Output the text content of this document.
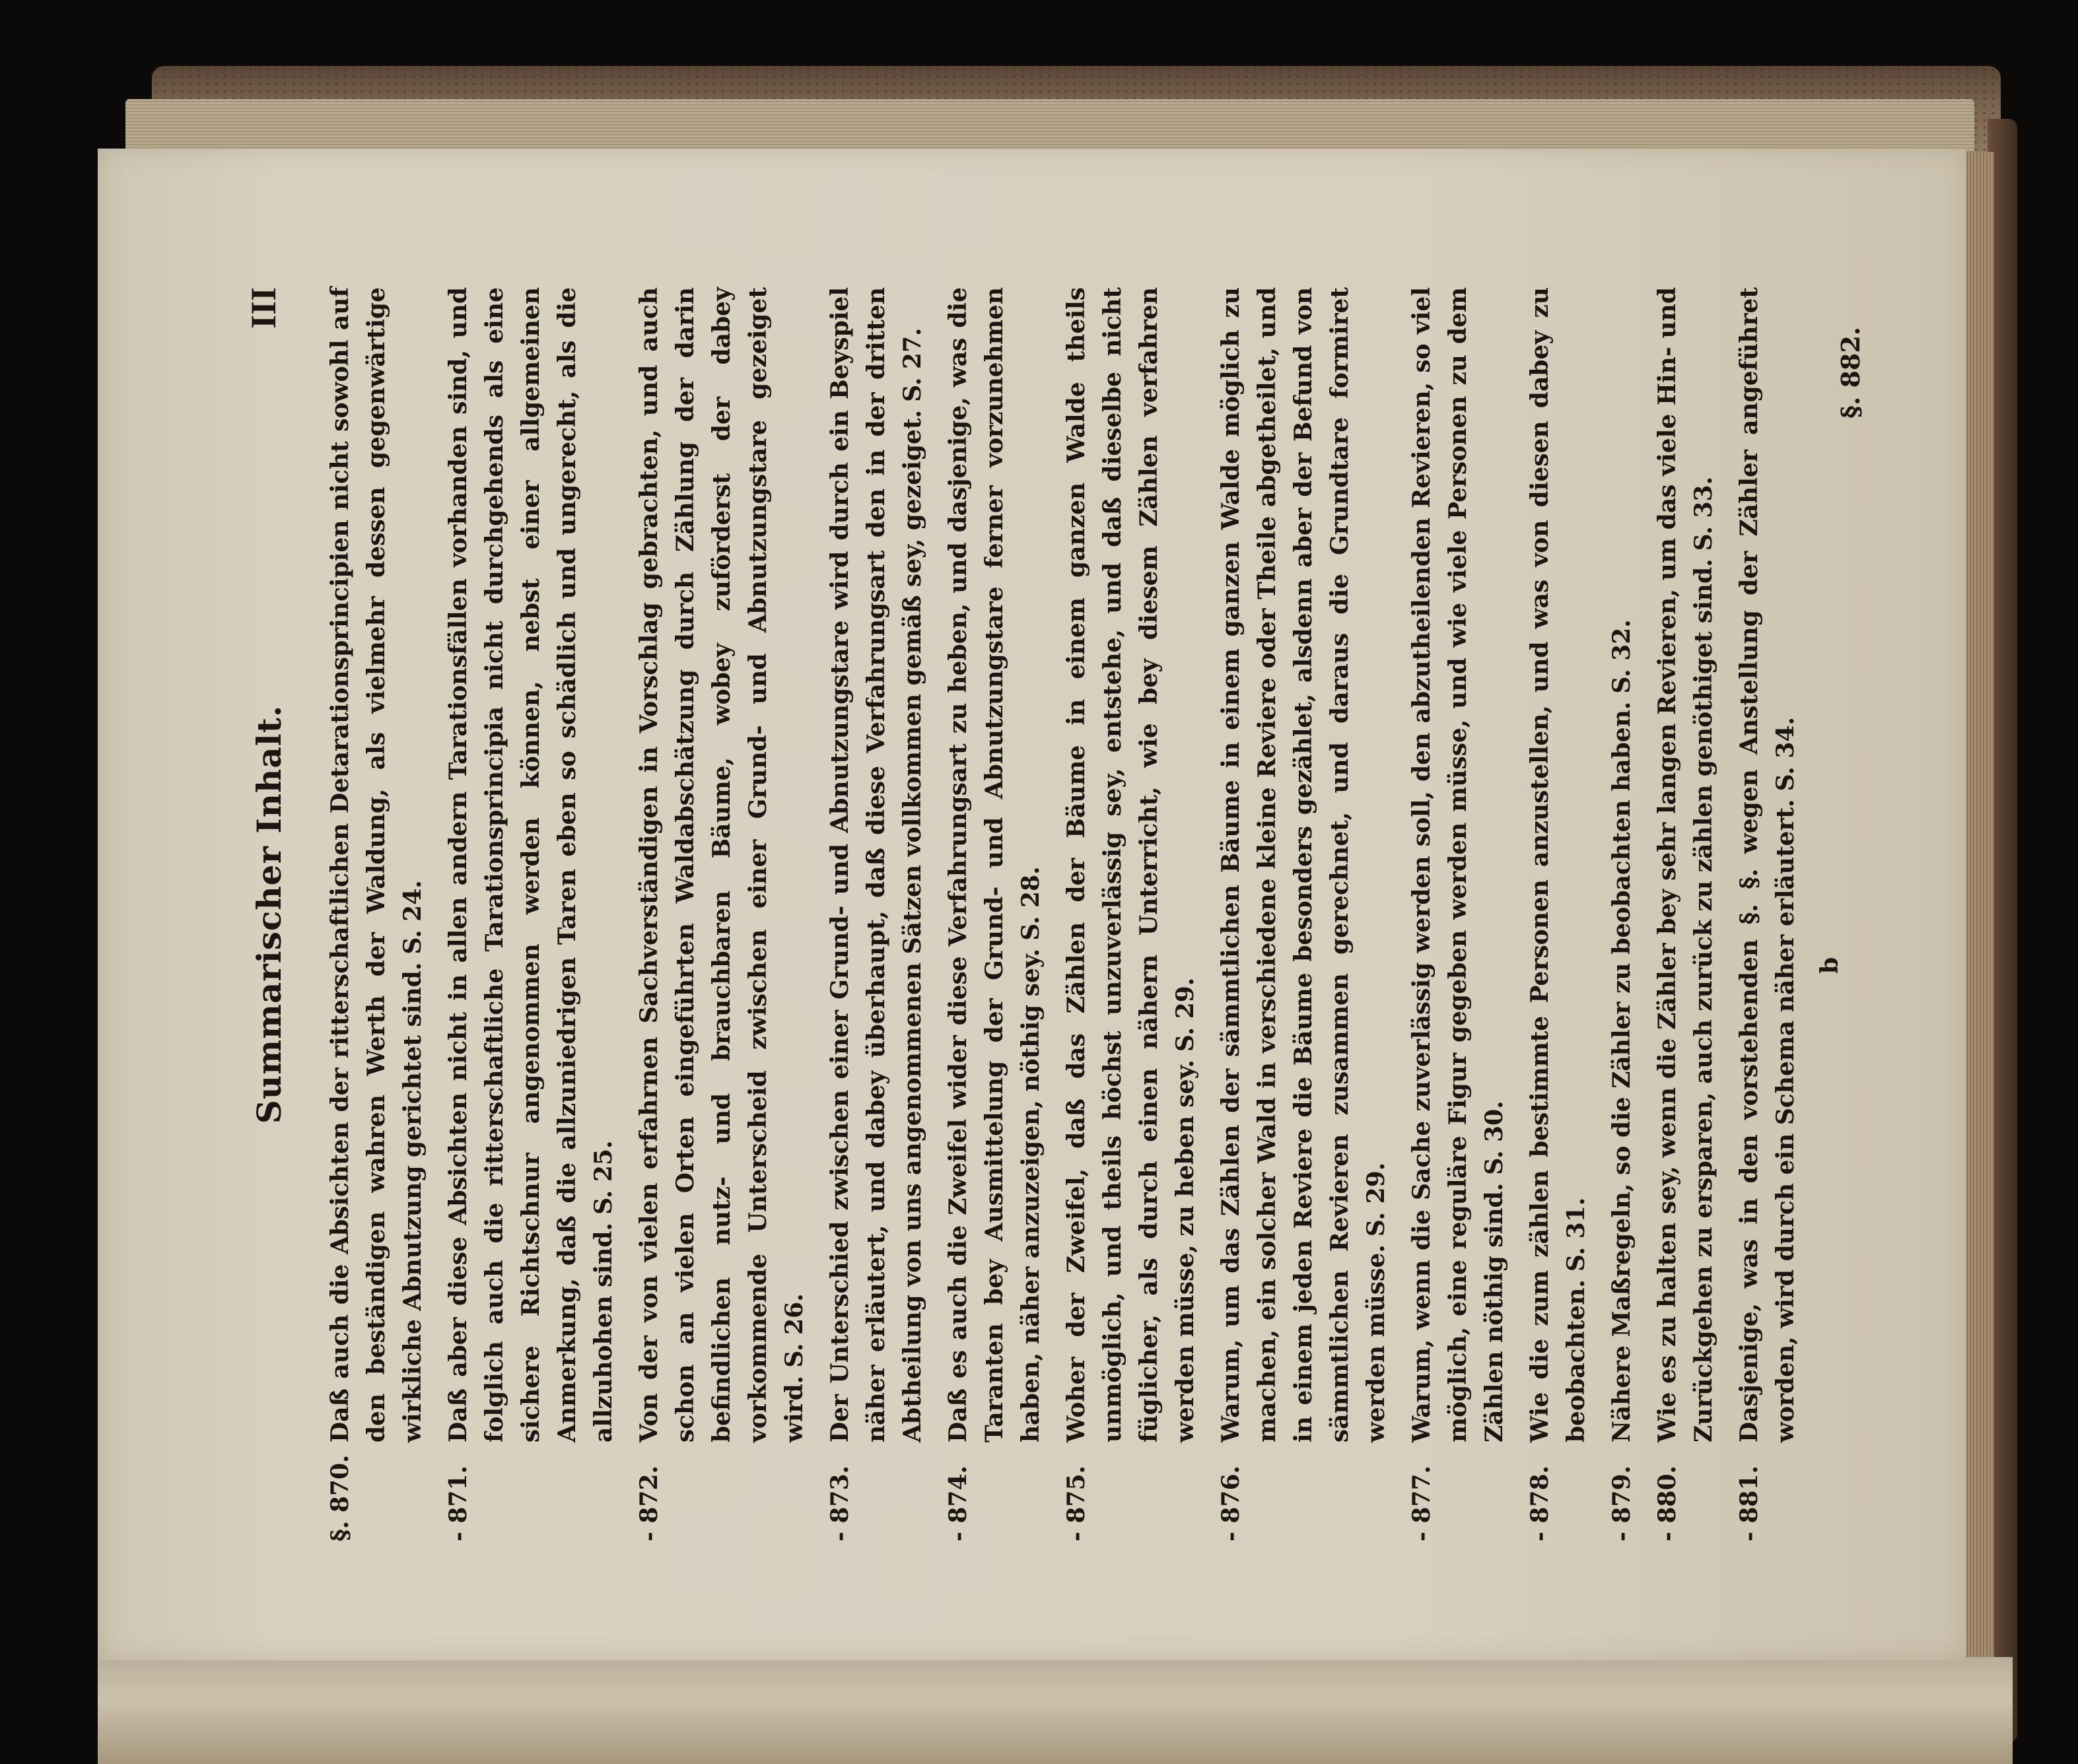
Summarischer Inhalt.
III
§. 870.
Daß auch die Absichten der ritterschaftlichen Detarationsprincipien nicht sowohl auf den beständigen wahren Werth der Waldung, als vielmehr dessen gegenwärtige wirkliche Abnutzung gerichtet sind.S. 24.
- 871.
Daß aber diese Absichten nicht in allen andern Tarationsfällen vorhanden sind, und folglich auch die ritterschaftliche Tarationsprincipia nicht durchgehends als eine sichere Richtschnur angenommen werden können, nebst einer allgemeinen Anmerkung, daß die allzuniedrigen Taren eben so schädlich und ungerecht, als die allzuhohen sind.S. 25.
- 872.
Von der von vielen erfahrnen Sachverständigen in Vorschlag gebrachten, und auch schon an vielen Orten eingeführten Waldabschätzung durch Zählung der darin befindlichen nutz- und brauchbaren Bäume, wobey zuförderst der dabey vorkommende Unterscheid zwischen einer Grund- und Abnutzungstare gezeiget wird.S. 26.
- 873.
Der Unterschied zwischen einer Grund- und Abnutzungstare wird durch ein Beyspiel näher erläutert, und dabey überhaupt, daß diese Verfahrungsart den in der dritten Abtheilung von uns angenommenen Sätzen vollkommen gemäß sey, gezeiget.S. 27.
- 874.
Daß es auch die Zweifel wider diese Verfahrungsart zu heben, und dasjenige, was die Taranten bey Ausmittelung der Grund- und Abnutzungstare ferner vorzunehmen haben, näher anzuzeigen, nöthig sey.S. 28.
- 875.
Woher der Zweifel, daß das Zählen der Bäume in einem ganzen Walde theils unmöglich, und theils höchst unzuverlässig sey, entstehe, und daß dieselbe nicht füglicher, als durch einen nähern Unterricht, wie bey diesem Zählen verfahren werden müsse, zu heben sey.S. 29.
- 876.
Warum, um das Zählen der sämmtlichen Bäume in einem ganzen Walde möglich zu machen, ein solcher Wald in verschiedene kleine Reviere oder Theile abgetheilet, und in einem jeden Reviere die Bäume besonders gezählet, alsdenn aber der Befund von sämmtlichen Revieren zusammen gerechnet, und daraus die Grundtare formiret werden müsse.S. 29.
- 877.
Warum, wenn die Sache zuverlässig werden soll, den abzutheilenden Revieren, so viel möglich, eine reguläre Figur gegeben werden müsse, und wie viele Personen zu dem Zählen nöthig sind.S. 30.
- 878.
Wie die zum zählen bestimmte Personen anzustellen, und was von diesen dabey zu beobachten.S. 31.
- 879.
Nähere Maßregeln, so die Zähler zu beobachten haben.S. 32.
- 880.
Wie es zu halten sey, wenn die Zähler bey sehr langen Revieren, um das viele Hin- und Zurückgehen zu ersparen, auch zurück zu zählen genöthiget sind.S. 33.
- 881.
Dasjenige, was in den vorstehenden §. §. wegen Anstellung der Zähler angeführet worden, wird durch ein Schema näher erläutert.S. 34.
b
§. 882.
